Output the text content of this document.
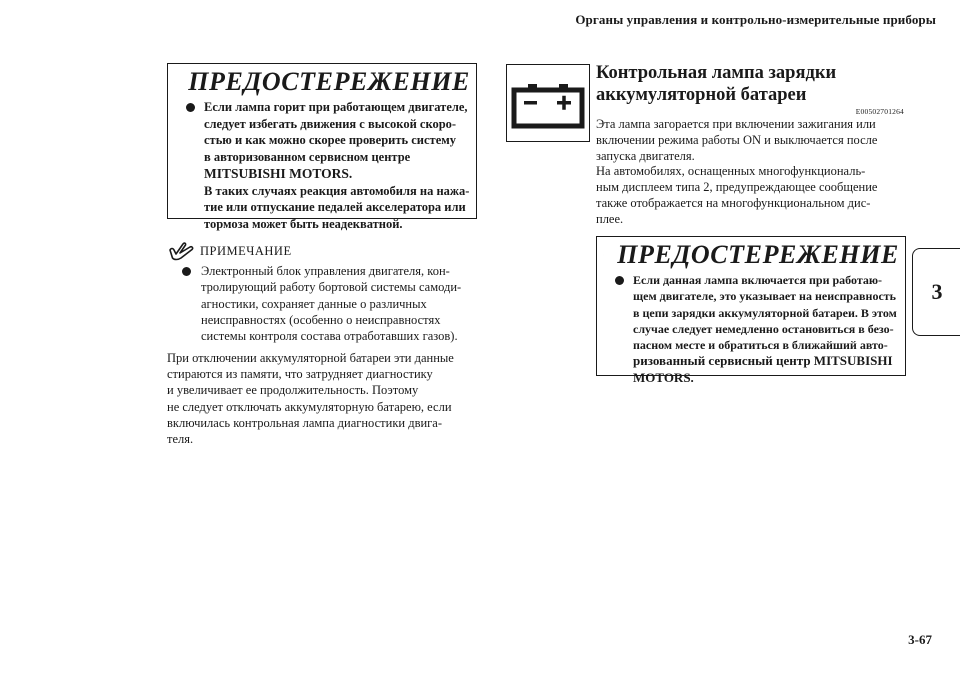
Органы управления и контрольно-измерительные приборы
3
ПРЕДОСТЕРЕЖЕНИЕ
Если лампа горит при работающем двигателе,
следует избегать движения с высокой скоро-
стью и как можно скорее проверить систему
в авторизованном сервисном центре
MITSUBISHI MOTORS.
В таких случаях реакция автомобиля на нажа-
тие или отпускание педалей акселератора или
тормоза может быть неадекватной.
ПРИМЕЧАНИЕ
Электронный блок управления двигателя, кон-
тролирующий работу бортовой системы самоди-
агностики, сохраняет данные о различных
неисправностях (особенно о неисправностях
системы контроля состава отработавших газов).
При отключении аккумуляторной батареи эти данные
стираются из памяти, что затрудняет диагностику
и увеличивает ее продолжительность. Поэтому
не следует отключать аккумуляторную батарею, если
включилась контрольная лампа диагностики двига-
теля.
Контрольная лампа зарядки
аккумуляторной батареи
E00502701264
Эта лампа загорается при включении зажигания или
включении режима работы ON и выключается после
запуска двигателя.
На автомобилях, оснащенных многофункциональ-
ным дисплеем типа 2, предупреждающее сообщение
также отображается на многофункциональном дис-
плее.
ПРЕДОСТЕРЕЖЕНИЕ
Если данная лампа включается при работаю-
щем двигателе, это указывает на неисправность
в цепи зарядки аккумуляторной батареи. В этом
случае следует немедленно остановиться в безо-
пасном месте и обратиться в ближайший авто-
ризованный сервисный центр MITSUBISHI
MOTORS.
3-67
